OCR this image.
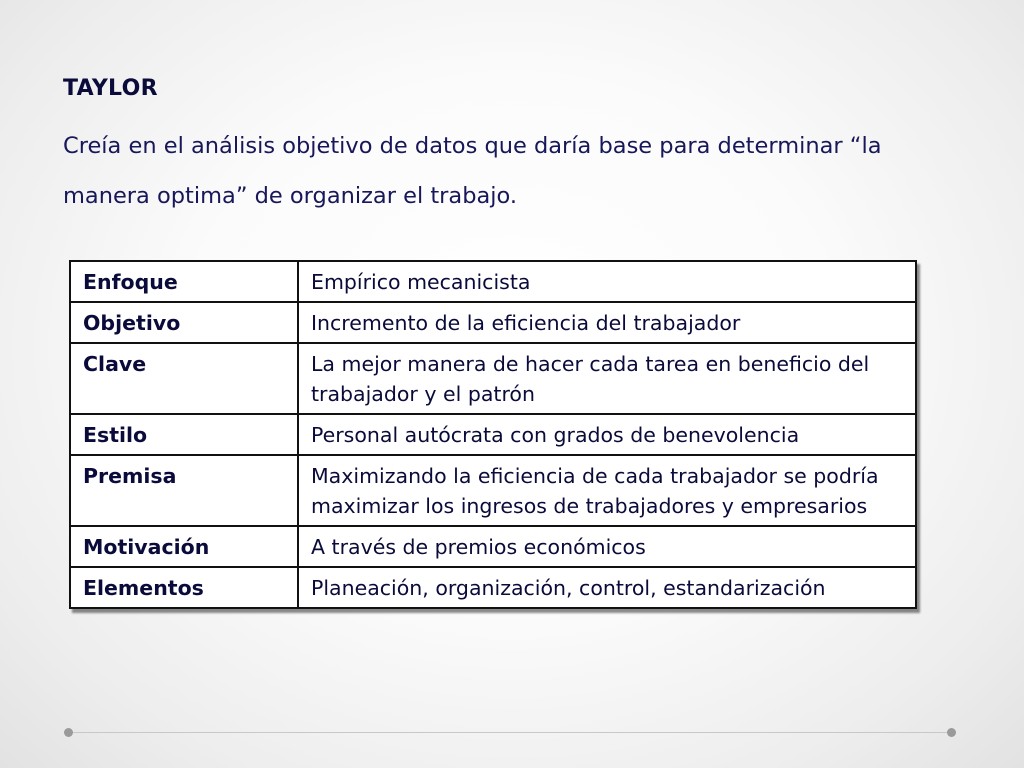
TAYLOR
Creía en el análisis objetivo de datos que daría base para determinar “la manera optima” de organizar el trabajo.
Enfoque	Empírico mecanicista
Objetivo	Incremento de la eficiencia del trabajador
Clave	La mejor manera de hacer cada tarea en beneficio del trabajador y el patrón
Estilo	Personal autócrata con grados de benevolencia
Premisa	Maximizando la eficiencia de cada trabajador se podría maximizar los ingresos de trabajadores y empresarios
Motivación	A través de premios económicos
Elementos	Planeación, organización, control, estandarización
